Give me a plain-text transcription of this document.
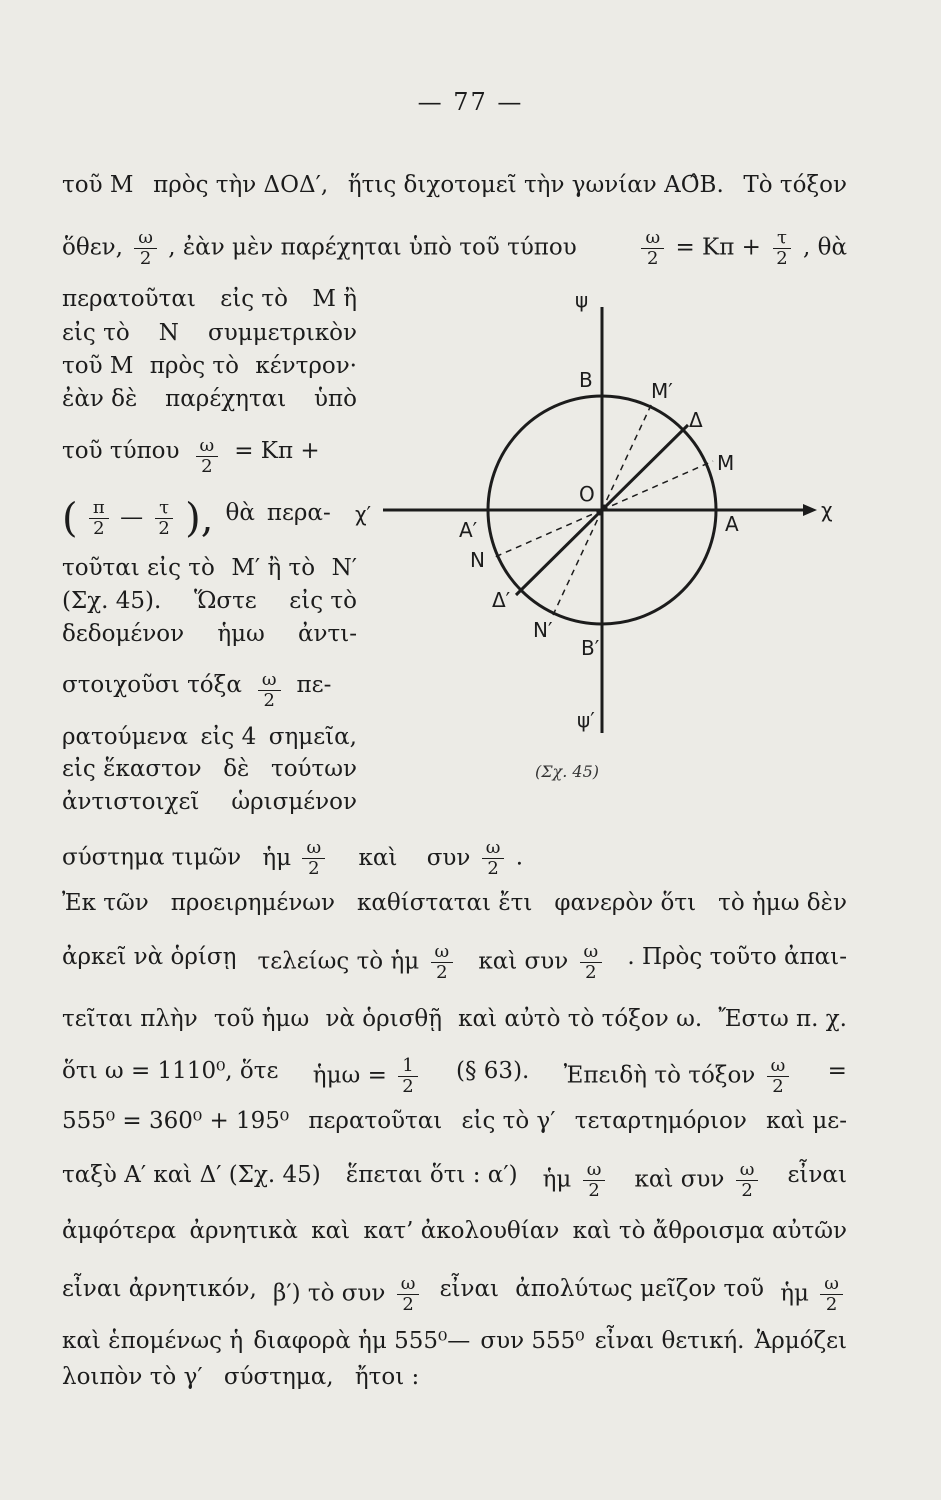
— 77 —
τοῦ Μ πρὸς τὴν ΔΟΔ′, ἥτις διχοτομεῖ τὴν γωνίαν ΑΟ̂Β. Τὸ τόξον
ὅθεν, $\frac{\omega}{2}$ , ἐὰν μὲν παρέχηται ὑπὸ τοῦ τύπου	$\frac{\omega}{2} = K\pi + \frac{\tau}{2}$ , θὰ
περατοῦται εἰς τὸ Μ ἢ
εἰς τὸ Ν συμμετρικὸν
τοῦ Μ πρὸς τὸ κέντρον·
ἐὰν δὲ παρέχηται ὑπὸ
τοῦ τύπου $\frac{\omega}{2} = K\pi$ +
( $\frac{\pi}{2}$ — $\frac{\tau}{2}$ ), θὰ περα-
τοῦται εἰς τὸ Μ′ ἢ τὸ Ν′
(Σχ. 45). Ὥστε εἰς τὸ
δεδομένον ἡμω ἀντι-
στοιχοῦσι τόξα $\frac{\omega}{2} \pi\varepsilon-$
ρατούμενα εἰς 4 σημεῖα,
εἰς ἕκαστον δὲ τούτων
ἀντιστοιχεῖ ὡρισμένον
σύστημα τιμῶν ἡμ $\frac{\omega}{2}$ καὶ συν $\frac{\omega}{2}$ .
Ἐκ τῶν προειρημένων καθίσταται ἔτι φανερὸν ὅτι τὸ ἡμω δὲν
ἀρκεῖ νὰ ὁρίσῃ τελείως τὸ ἡμ $\frac{\omega}{2}$ καὶ συν $\frac{\omega}{2}$ . Πρὸς τοῦτο ἀπαι-
τεῖται πλὴν τοῦ ἡμω νὰ ὁρισθῇ καὶ αὐτὸ τὸ τόξον ω. Ἔστω π. χ.
ὅτι ω = 1110⁰, ὅτε ἡμω = $\frac{1}{2}$ (§ 63). Ἐπειδὴ τὸ τόξον $\frac{\omega}{2}$ =
555⁰ = 360⁰ + 195⁰ περατοῦται εἰς τὸ γ′ τεταρτημόριον καὶ με-
ταξὺ Α′ καὶ Δ′ (Σχ. 45) ἕπεται ὅτι : α′) ἡμ $\frac{\omega}{2}$ καὶ συν $\frac{\omega}{2}$ εἶναι
ἀμφότερα ἀρνητικὰ καὶ κατ’ ἀκολουθίαν καὶ τὸ ἄθροισμα αὐτῶν
εἶναι ἀρνητικόν, β′) τὸ συν $\frac{\omega}{2}$ εἶναι ἀπολύτως μεῖζον τοῦ ἡμ $\frac{\omega}{2}$
καὶ ἑπομένως ἡ διαφορὰ ἡμ 555⁰— συν 555⁰ εἶναι θετική. Ἁρμόζει
λοιπὸν τὸ γ′ σύστημα, ἤτοι :
ψ
ψ′
χ
χ′
Ο
Α
Α′
Β
Β′
Μ
Μ′
Ν
Ν′
Δ
Δ′
(Σχ. 45)
